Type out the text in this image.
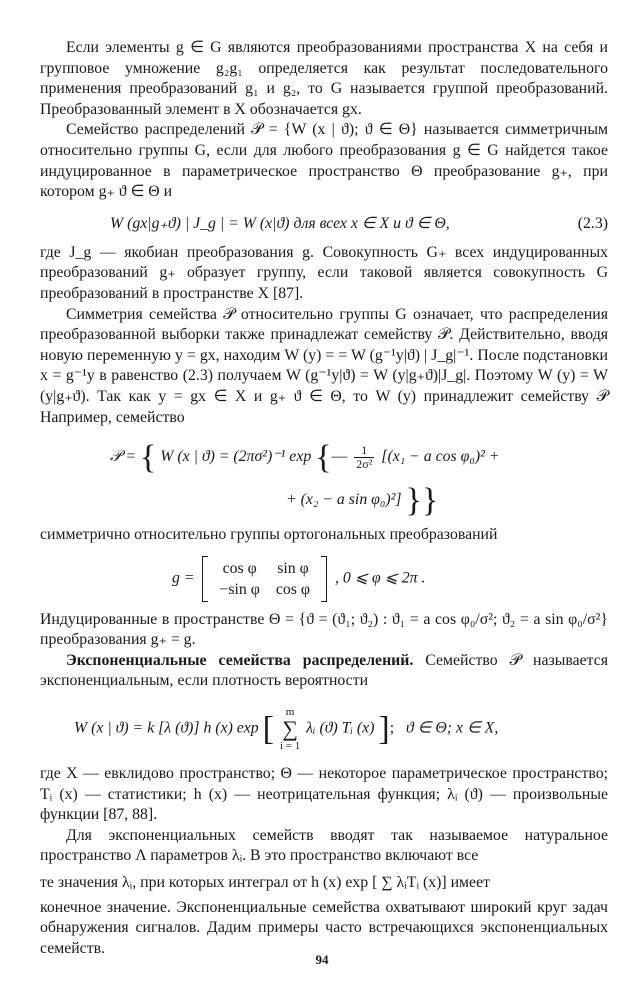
Если элементы g ∈ G являются преобразованиями пространства X на себя и групповое умножение g₂g₁ определяется как результат последовательного применения преобразований g₁ и g₂, то G называется группой преобразований. Преобразованный элемент в X обозначается gx.

Семейство распределений 𝒫 = {W (x | ϑ); ϑ ∈ Θ} называется симметричным относительно группы G, если для любого преобразования g ∈ G найдется такое индуцированное в параметрическое пространство Θ преобразование g₊, при котором g₊ ϑ ∈ Θ и

W (gx|g₊ϑ) | J_g | = W (x|ϑ) для всех x ∈ X и ϑ ∈ Θ,	(2.3)

где J_g — якобиан преобразования g. Совокупность G₊ всех индуцированных преобразований g₊ образует группу, если таковой является совокупность G преобразований в пространстве X [87].

Симметрия семейства 𝒫 относительно группы G означает, что распределения преобразованной выборки также принадлежат семейству 𝒫. Действительно, вводя новую переменную y = gx, находим W (y) = = W (g⁻¹y|ϑ) | J_g|⁻¹. После подстановки x = g⁻¹y в равенство (2.3) получаем W (g⁻¹y|ϑ) = W (y|g₊ϑ)|J_g|. Поэтому W (y) = W (y|g₊ϑ). Так как y = gx ∈ X и g₊ ϑ ∈ Θ, то W (y) принадлежит семейству 𝒫 Например, семейство

𝒫 = { W (x | ϑ) = (2πσ²)⁻¹ exp {— $\frac{1}{\text{2σ²}} [(x_1 - a$ cos φ₀)² +
+ (x₂ − a sin φ₀)²] }}

симметрично относительно группы ортогональных преобразований

g =
cos φ	sin φ
−sin φ	cos φ
, 0 ⩽ φ ⩽ 2π .

Индуцированные в пространстве Θ = {ϑ = (ϑ₁; ϑ₂) : ϑ₁ = a cos φ₀/σ²; ϑ₂ = a sin φ₀/σ²} преобразования g₊ = g.

Экспоненциальные семейства распределений. Семейство 𝒫 называется экспоненциальным, если плотность вероятности

W (x | ϑ) = k [λ (ϑ)] h (x) exp [ m
∑
i = 1 λᵢ (ϑ) Tᵢ (x) ];   ϑ ∈ Θ; x ∈ X,

где X — евклидово пространство; Θ — некоторое параметрическое пространство; Tᵢ (x) — статистики; h (x) — неотрицательная функция; λᵢ (ϑ) — произвольные функции [87, 88].

Для экспоненциальных семейств вводят так называемое натуральное пространство Λ параметров λᵢ. В это пространство включают все

те значения λᵢ, при которых интеграл от h (x) exp [ ∑ λᵢTᵢ (x)] имеет

конечное значение. Экспоненциальные семейства охватывают широкий круг задач обнаружения сигналов. Дадим примеры часто встречающихся экспоненциальных семейств.

94
